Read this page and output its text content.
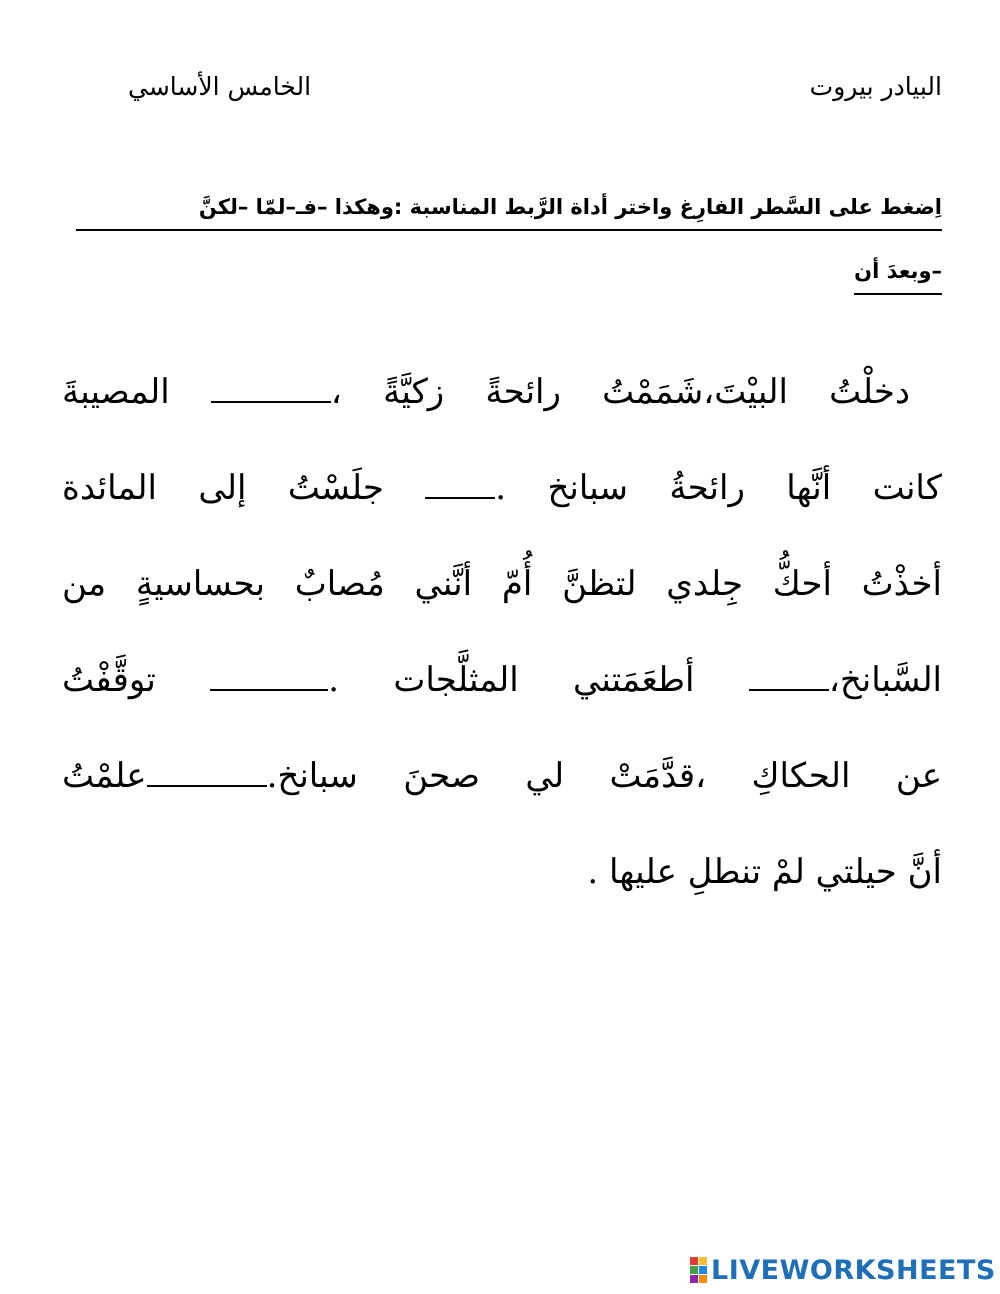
البيادر بيروت
الخامس الأساسي
اِضغط على السَّطر الفارِغ واختر أداة الرَّبط المناسبة :وهكذا –فـ–لمّا –لكنَّ
–وبعدَ أن
دخلْتُ البيْتَ،شَمَمْتُ رائحةً زكيَّةً ، المصيبةَ
كانت أنَّها رائحةُ سبانخ . جلَسْتُ إلى المائدة
أخذْتُ أحكُّ جِلدي لتظنَّ أُمّ أنَّني مُصابٌ بحساسيةٍ من
السَّبانخ، أطعَمَتني المثلَّجات . توقَّفْتُ
عن الحكاكِ ،قدَّمَتْ لي صحنَ سبانخ.علمْتُ
أنَّ حيلتي لمْ تنطلِ عليها .
LIVEWORKSHEETS
